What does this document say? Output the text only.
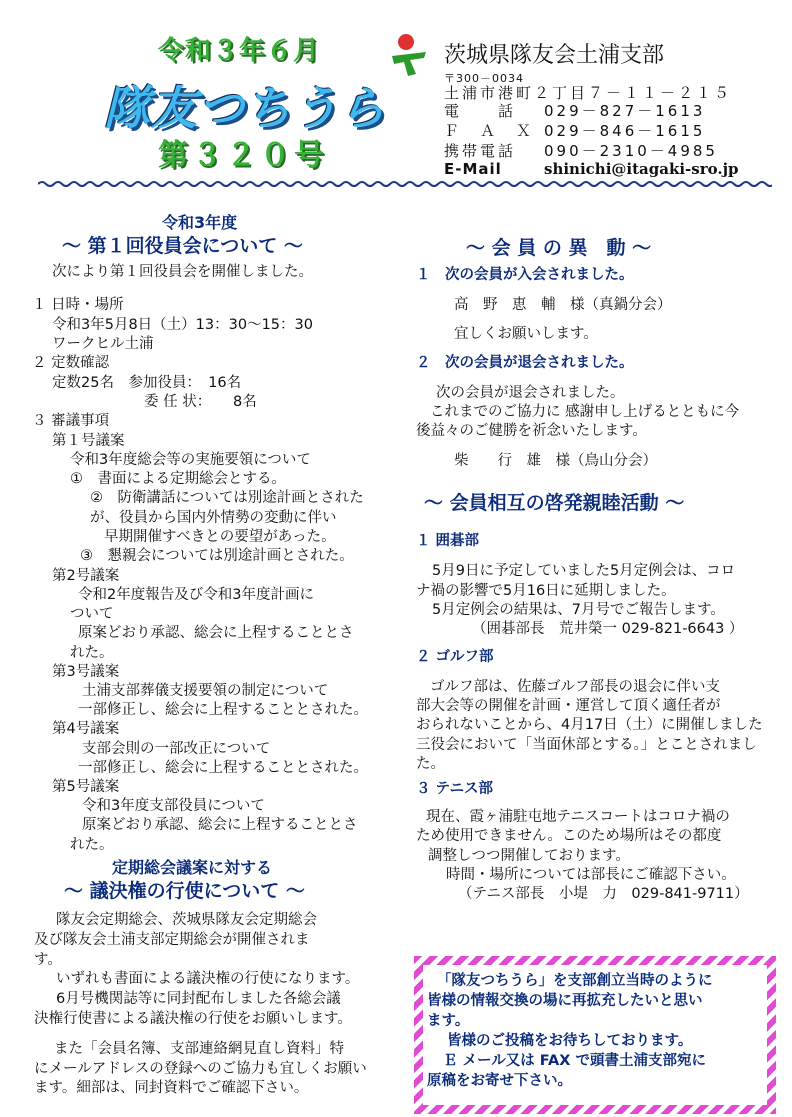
令和３年６月
隊友つちうら
第３２０号
茨城県隊友会土浦支部
〒300－0034
土浦市港町２丁目７－１１－２１５
電　　話 029－827－1613
Ｆ　Ａ　Ｘ 029－846－1615
携帯電話 090－2310－4985
E-Mail	shinichi@itagaki-sro.jp
令和3年度
～ 第１回役員会について ～
次により第１回役員会を開催しました。
１ 日時・場所
令和3年5月8日（土）13：30～15：30
ワークヒル土浦
２ 定数確認
定数25名　参加役員：　16名
委 任 状：　　8名
３ 審議事項
第１号議案
令和3年度総会等の実施要領について
①　書面による定期総会とする。
②　防衛講話については別途計画とされた
が、役員から国内外情勢の変動に伴い
早期開催すべきとの要望があった。
③　懇親会については別途計画とされた。
第2号議案
令和2年度報告及び令和3年度計画に
ついて
原案どおり承認、総会に上程することとさ
れた。
第3号議案
土浦支部葬儀支援要領の制定について
一部修正し、総会に上程することとされた。
第4号議案
支部会則の一部改正について
一部修正し、総会に上程することとされた。
第5号議案
令和3年度支部役員について
原案どおり承認、総会に上程することとさ
れた。
定期総会議案に対する
～ 議決権の行使について ～
隊友会定期総会、茨城県隊友会定期総会
及び隊友会土浦支部定期総会が開催されま
す。
いずれも書面による議決権の行使になります。
6月号機関誌等に同封配布しました各総会議
決権行使書による議決権の行使をお願いします。
また「会員名簿、支部連絡網見直し資料」特
にメールアドレスの登録へのご協力も宜しくお願い
ます。細部は、同封資料でご確認下さい。
～ 会 員 の 異　動 ～
１　次の会員が入会されました。
高　野　恵　輔　様（真鍋分会）
宜しくお願いします。
２　次の会員が退会されました。
次の会員が退会されました。
これまでのご協力に 感謝申し上げるとともに今
後益々のご健勝を祈念いたします。
柴　　行　雄　様（鳥山分会）
～ 会員相互の啓発親睦活動 ～
１ 囲碁部
5月9日に予定していました5月定例会は、コロ
ナ禍の影響で5月16日に延期しました。
5月定例会の結果は、7月号でご報告します。
（囲碁部長　荒井榮一 029-821-6643 ）
２ ゴルフ部
ゴルフ部は、佐藤ゴルフ部長の退会に伴い支
部大会等の開催を計画・運営して頂く適任者が
おられないことから、4月17日（土）に開催しました
三役会において「当面休部とする。」とことされまし
た。
３ テニス部
現在、霞ヶ浦駐屯地テニスコートはコロナ禍の
ため使用できません。このため場所はその都度
調整しつつ開催しております。
時間・場所については部長にご確認下さい。
（テニス部長　小堤　力　029-841-9711）
「隊友つちうら」を支部創立当時のように
皆様の情報交換の場に再拡充したいと思い
ます。
皆様のご投稿をお待ちしております。
Ｅ メール又は FAX で頭書土浦支部宛に
原稿をお寄せ下さい。
